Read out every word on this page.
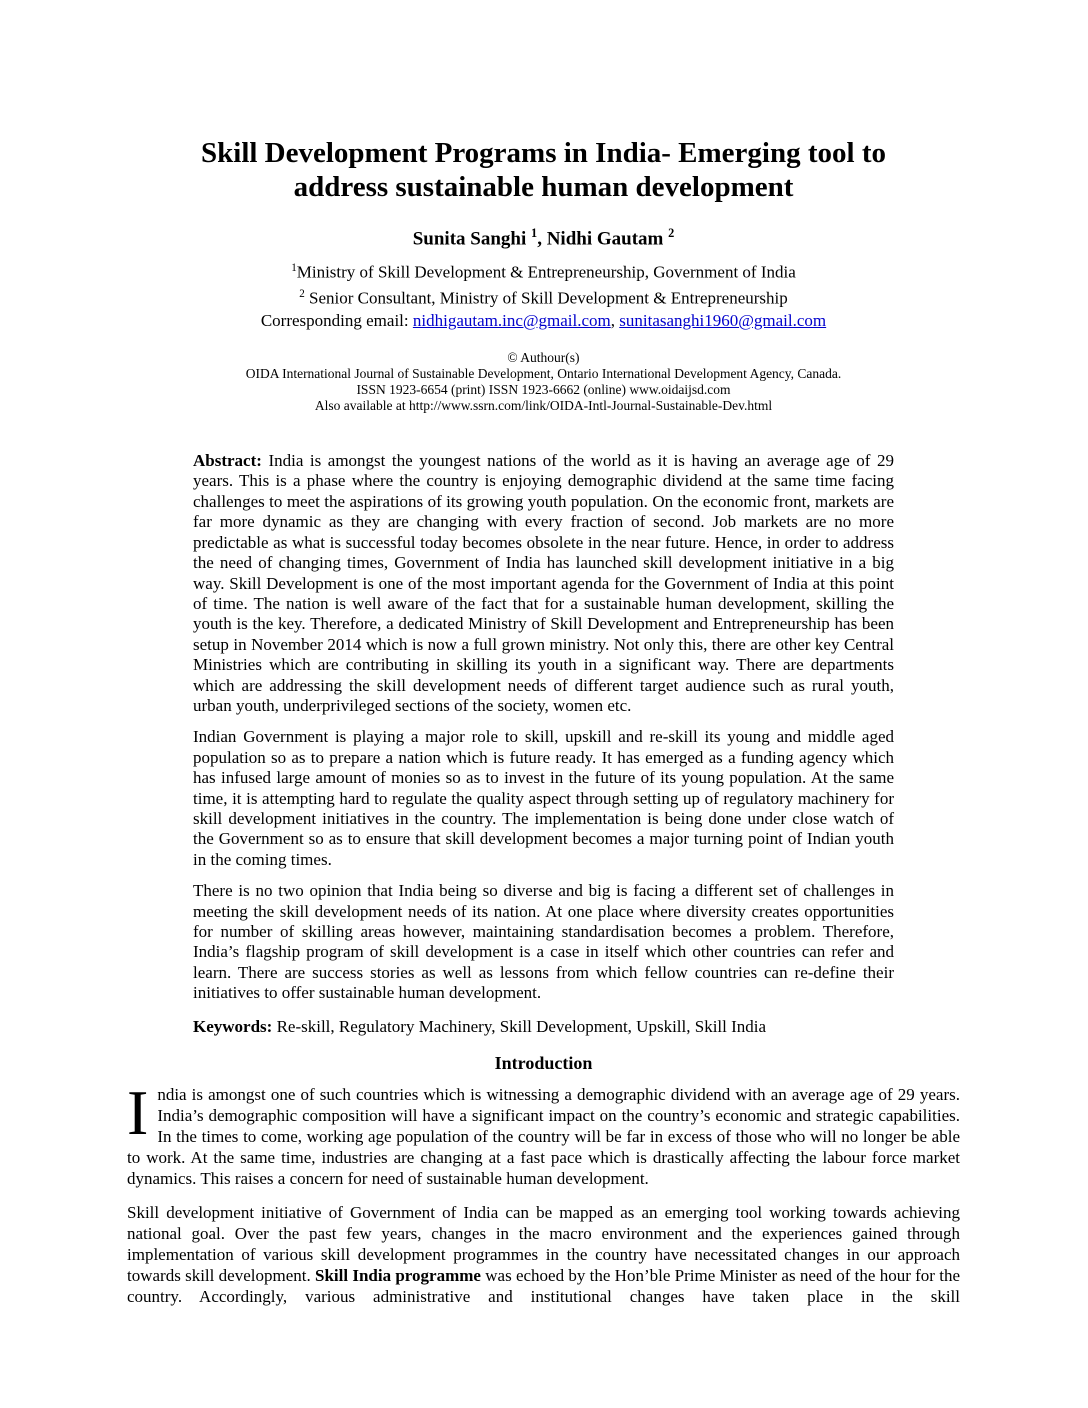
Skill Development Programs in India- Emerging tool to
address sustainable human development
Sunita Sanghi $^1$, Nidhi Gautam $^2$

$^1$Ministry of Skill Development & Entrepreneurship, Government of India

$^2$ Senior Consultant, Ministry of Skill Development & Entrepreneurship

Corresponding email: nidhigautam.inc@gmail.com, sunitasanghi1960@gmail.com

© Authour(s)

OIDA International Journal of Sustainable Development, Ontario International Development Agency, Canada.

ISSN 1923-6654 (print) ISSN 1923-6662 (online) www.oidaijsd.com

Also available at http://www.ssrn.com/link/OIDA-Intl-Journal-Sustainable-Dev.html

Abstract: India is amongst the youngest nations of the world as it is having an average age of 29 years. This is a phase where the country is enjoying demographic dividend at the same time facing challenges to meet the aspirations of its growing youth population. On the economic front, markets are far more dynamic as they are changing with every fraction of second. Job markets are no more predictable as what is successful today becomes obsolete in the near future. Hence, in order to address the need of changing times, Government of India has launched skill development initiative in a big way. Skill Development is one of the most important agenda for the Government of India at this point of time. The nation is well aware of the fact that for a sustainable human development, skilling the youth is the key. Therefore, a dedicated Ministry of Skill Development and Entrepreneurship has been setup in November 2014 which is now a full grown ministry. Not only this, there are other key Central Ministries which are contributing in skilling its youth in a significant way. There are departments which are addressing the skill development needs of different target audience such as rural youth, urban youth, underprivileged sections of the society, women etc.

Indian Government is playing a major role to skill, upskill and re-skill its young and middle aged population so as to prepare a nation which is future ready. It has emerged as a funding agency which has infused large amount of monies so as to invest in the future of its young population. At the same time, it is attempting hard to regulate the quality aspect through setting up of regulatory machinery for skill development initiatives in the country. The implementation is being done under close watch of the Government so as to ensure that skill development becomes a major turning point of Indian youth in the coming times.

There is no two opinion that India being so diverse and big is facing a different set of challenges in meeting the skill development needs of its nation. At one place where diversity creates opportunities for number of skilling areas however, maintaining standardisation becomes a problem. Therefore, India’s flagship program of skill development is a case in itself which other countries can refer and learn. There are success stories as well as lessons from which fellow countries can re-define their initiatives to offer sustainable human development.

Keywords: Re-skill, Regulatory Machinery, Skill Development, Upskill, Skill India

Introduction

India is amongst one of such countries which is witnessing a demographic dividend with an average age of 29 years. India’s demographic composition will have a significant impact on the country’s economic and strategic capabilities. In the times to come, working age population of the country will be far in excess of those who will no longer be able to work. At the same time, industries are changing at a fast pace which is drastically affecting the labour force market dynamics. This raises a concern for need of sustainable human development.

Skill development initiative of Government of India can be mapped as an emerging tool working towards achieving national goal. Over the past few years, changes in the macro environment and the experiences gained through implementation of various skill development programmes in the country have necessitated changes in our approach towards skill development. Skill India programme was echoed by the Hon’ble Prime Minister as need of the hour for the country. Accordingly, various administrative and institutional changes have taken place in the skill
